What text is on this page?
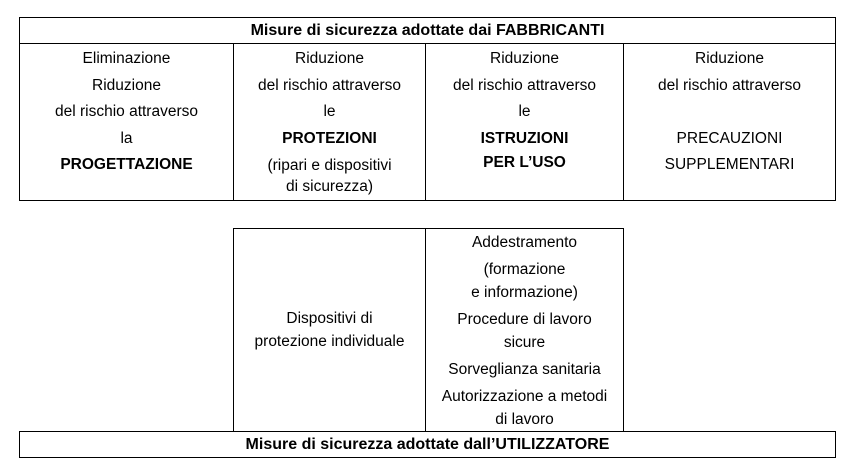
Misure di sicurezza adottate dai FABBRICANTI
Eliminazione
Riduzione
del rischio attraverso
la
PROGETTAZIONE
Riduzione
del rischio attraverso
le
PROTEZIONI
(ripari e dispositivi
di sicurezza)
Riduzione
del rischio attraverso
le
ISTRUZIONI
PER L’USO
Riduzione
del rischio attraverso
PRECAUZIONI
SUPPLEMENTARI
Dispositivi di
protezione individuale
Addestramento
(formazione
e informazione)
Procedure di lavoro
sicure
Sorveglianza sanitaria
Autorizzazione a metodi
di lavoro
Misure di sicurezza adottate dall’UTILIZZATORE
